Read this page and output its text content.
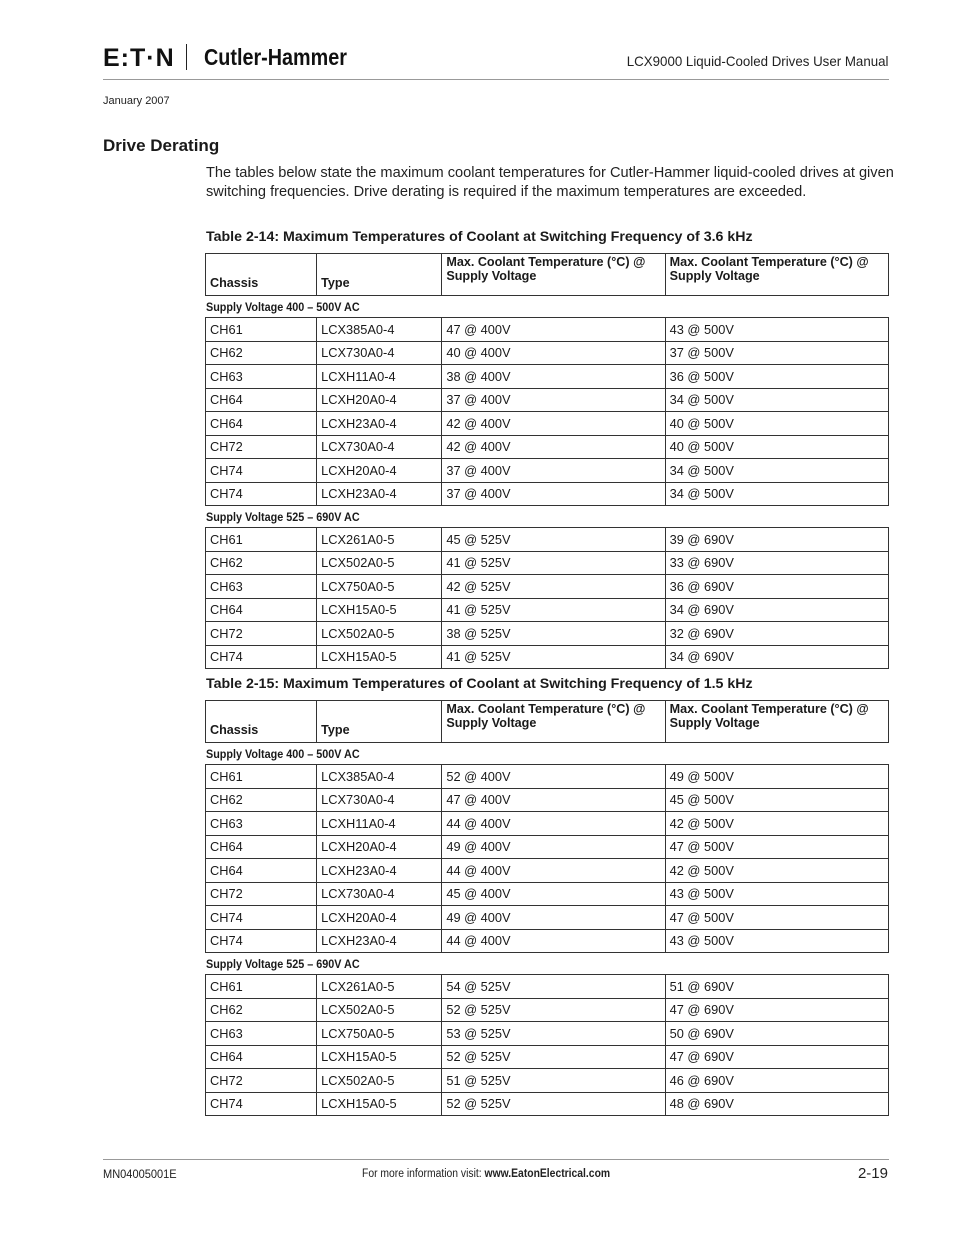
E:T·N Cutler-Hammer	LCX9000 Liquid-Cooled Drives User Manual
January 2007
Drive Derating
The tables below state the maximum coolant temperatures for Cutler-Hammer liquid-cooled drives at given switching frequencies. Drive derating is required if the maximum temperatures are exceeded.
Table 2-14: Maximum Temperatures of Coolant at Switching Frequency of 3.6 kHz
Chassis	Type	Max. Coolant Temperature (°C) @ Supply Voltage	Max. Coolant Temperature (°C) @ Supply Voltage
Supply Voltage 400 – 500V AC			
CH61	LCX385A0-4	47 @ 400V	43 @ 500V
CH62	LCX730A0-4	40 @ 400V	37 @ 500V
CH63	LCXH11A0-4	38 @ 400V	36 @ 500V
CH64	LCXH20A0-4	37 @ 400V	34 @ 500V
CH64	LCXH23A0-4	42 @ 400V	40 @ 500V
CH72	LCX730A0-4	42 @ 400V	40 @ 500V
CH74	LCXH20A0-4	37 @ 400V	34 @ 500V
CH74	LCXH23A0-4	37 @ 400V	34 @ 500V
Supply Voltage 525 – 690V AC			
CH61	LCX261A0-5	45 @ 525V	39 @ 690V
CH62	LCX502A0-5	41 @ 525V	33 @ 690V
CH63	LCX750A0-5	42 @ 525V	36 @ 690V
CH64	LCXH15A0-5	41 @ 525V	34 @ 690V
CH72	LCX502A0-5	38 @ 525V	32 @ 690V
CH74	LCXH15A0-5	41 @ 525V	34 @ 690V
Table 2-15: Maximum Temperatures of Coolant at Switching Frequency of 1.5 kHz
Chassis	Type	Max. Coolant Temperature (°C) @ Supply Voltage	Max. Coolant Temperature (°C) @ Supply Voltage
Supply Voltage 400 – 500V AC			
CH61	LCX385A0-4	52 @ 400V	49 @ 500V
CH62	LCX730A0-4	47 @ 400V	45 @ 500V
CH63	LCXH11A0-4	44 @ 400V	42 @ 500V
CH64	LCXH20A0-4	49 @ 400V	47 @ 500V
CH64	LCXH23A0-4	44 @ 400V	42 @ 500V
CH72	LCX730A0-4	45 @ 400V	43 @ 500V
CH74	LCXH20A0-4	49 @ 400V	47 @ 500V
CH74	LCXH23A0-4	44 @ 400V	43 @ 500V
Supply Voltage 525 – 690V AC			
CH61	LCX261A0-5	54 @ 525V	51 @ 690V
CH62	LCX502A0-5	52 @ 525V	47 @ 690V
CH63	LCX750A0-5	53 @ 525V	50 @ 690V
CH64	LCXH15A0-5	52 @ 525V	47 @ 690V
CH72	LCX502A0-5	51 @ 525V	46 @ 690V
CH74	LCXH15A0-5	52 @ 525V	48 @ 690V
MN04005001E	For more information visit: www.EatonElectrical.com	2-19
